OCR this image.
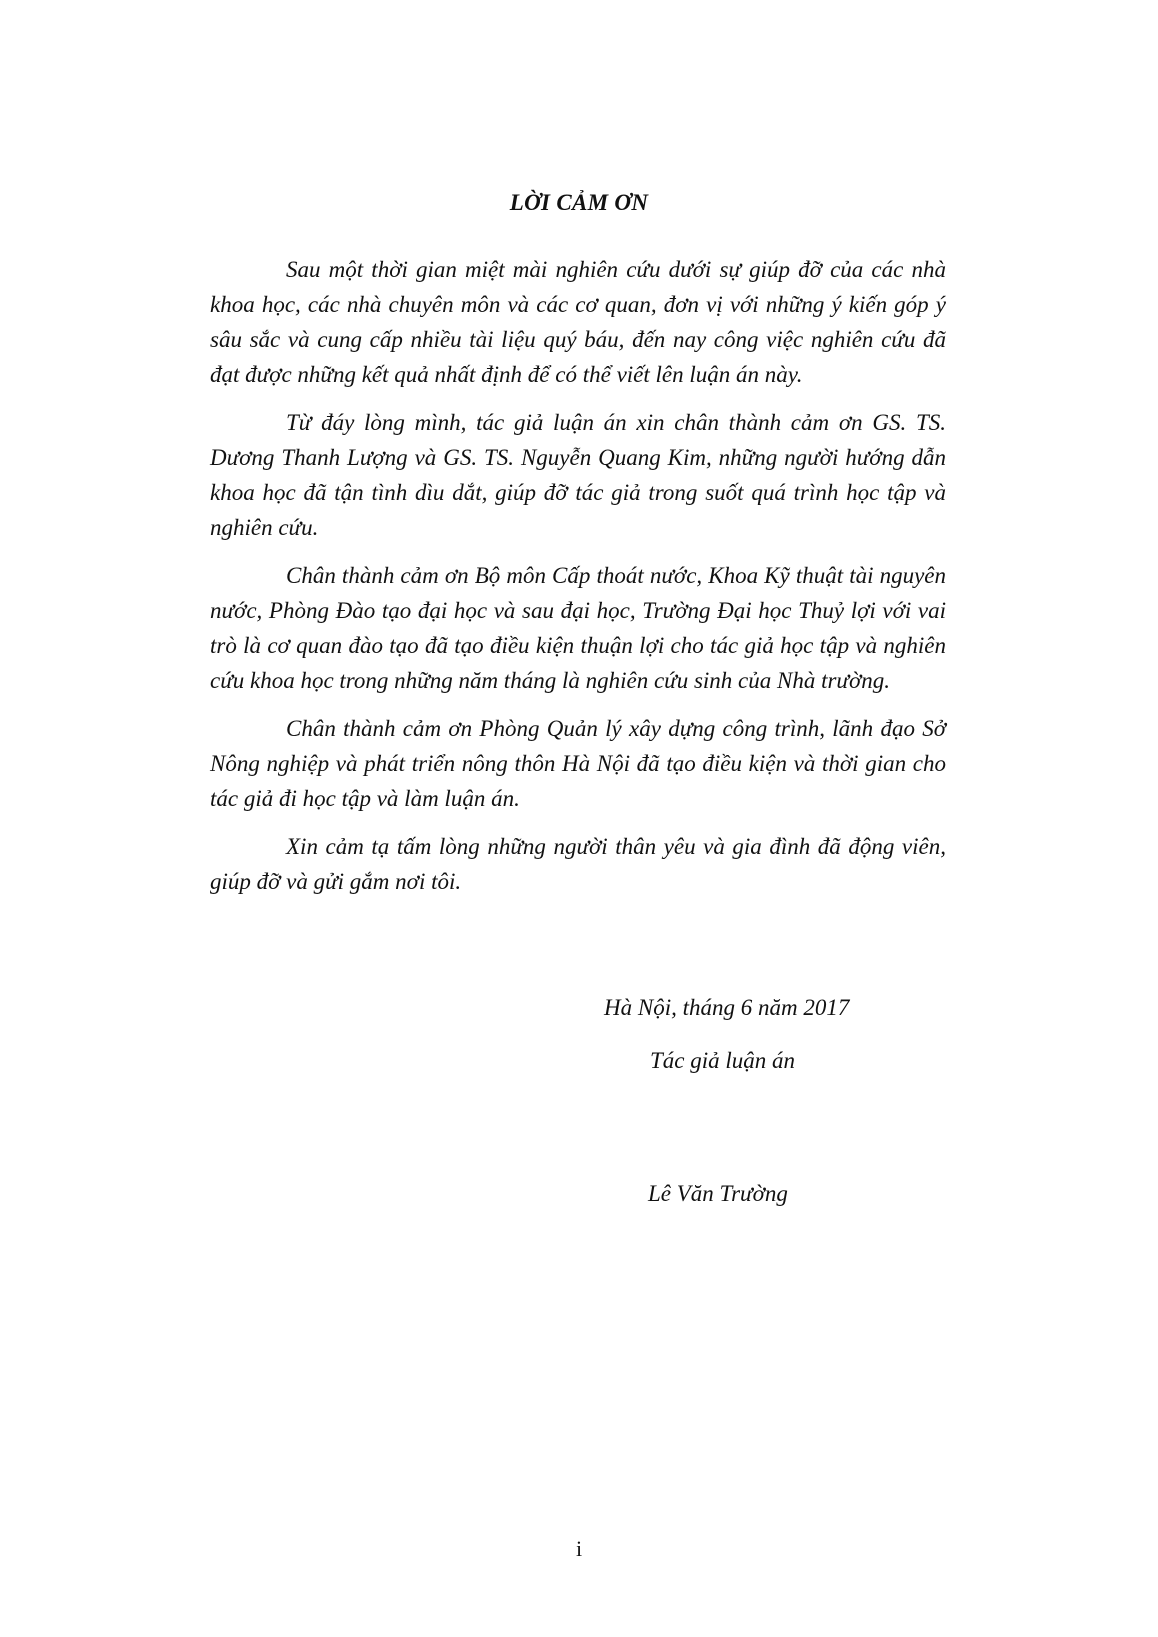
LỜI CẢM ƠN

Sau một thời gian miệt mài nghiên cứu dưới sự giúp đỡ của các nhà khoa học, các nhà chuyên môn và các cơ quan, đơn vị với những ý kiến góp ý sâu sắc và cung cấp nhiều tài liệu quý báu, đến nay công việc nghiên cứu đã đạt được những kết quả nhất định để có thể viết lên luận án này.

Từ đáy lòng mình, tác giả luận án xin chân thành cảm ơn GS. TS. Dương Thanh Lượng và GS. TS. Nguyễn Quang Kim, những người hướng dẫn khoa học đã tận tình dìu dắt, giúp đỡ tác giả trong suốt quá trình học tập và nghiên cứu.

Chân thành cảm ơn Bộ môn Cấp thoát nước, Khoa Kỹ thuật tài nguyên nước, Phòng Đào tạo đại học và sau đại học, Trường Đại học Thuỷ lợi với vai trò là cơ quan đào tạo đã tạo điều kiện thuận lợi cho tác giả học tập và nghiên cứu khoa học trong những năm tháng là nghiên cứu sinh của Nhà trường.

Chân thành cảm ơn Phòng Quản lý xây dựng công trình, lãnh đạo Sở Nông nghiệp và phát triển nông thôn Hà Nội đã tạo điều kiện và thời gian cho tác giả đi học tập và làm luận án.

Xin cảm tạ tấm lòng những người thân yêu và gia đình đã động viên, giúp đỡ và gửi gắm nơi tôi.

Hà Nội, tháng 6 năm 2017
Tác giả luận án
Lê Văn Trường
i
